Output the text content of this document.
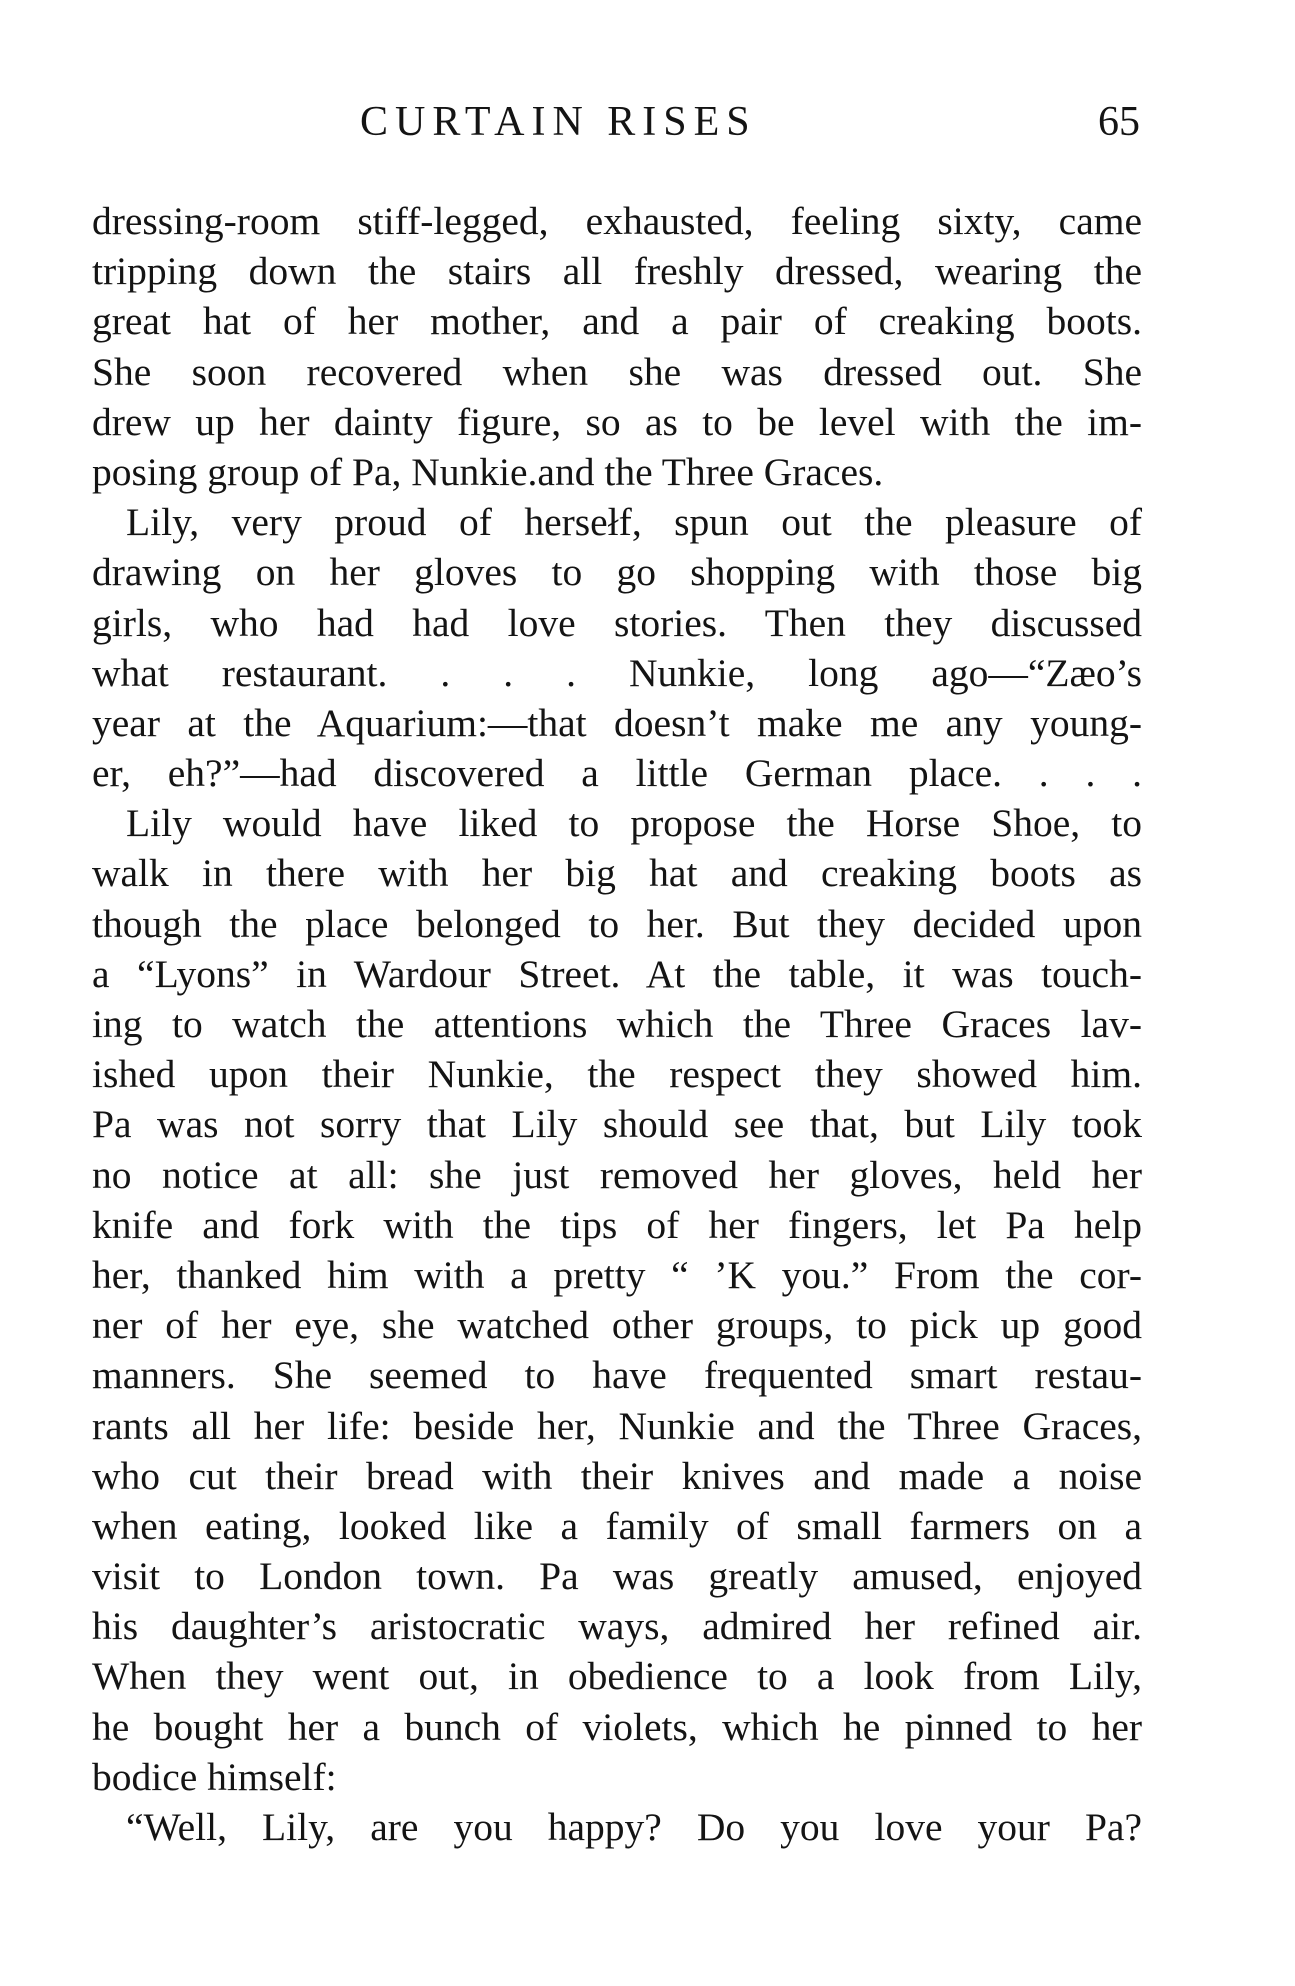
CURTAIN RISES	65
dressing-room stiff-legged, exhausted, feeling sixty, came
tripping down the stairs all freshly dressed, wearing the
great hat of her mother, and a pair of creaking boots.
She soon recovered when she was dressed out. She
drew up her dainty figure, so as to be level with the im-
posing group of Pa, Nunkie.and the Three Graces.
Lily, very proud of hersełf, spun out the pleasure of
drawing on her gloves to go shopping with those big
girls, who had had love stories. Then they discussed
what restaurant. . . . Nunkie, long ago—“Zæo’s
year at the Aquarium:—that doesn’t make me any young-
er, eh?”—had discovered a little German place. . . .
Lily would have liked to propose the Horse Shoe, to
walk in there with her big hat and creaking boots as
though the place belonged to her. But they decided upon
a “Lyons” in Wardour Street. At the table, it was touch-
ing to watch the attentions which the Three Graces lav-
ished upon their Nunkie, the respect they showed him.
Pa was not sorry that Lily should see that, but Lily took
no notice at all: she just removed her gloves, held her
knife and fork with the tips of her fingers, let Pa help
her, thanked him with a pretty “ ’K you.” From the cor-
ner of her eye, she watched other groups, to pick up good
manners. She seemed to have frequented smart restau-
rants all her life: beside her, Nunkie and the Three Graces,
who cut their bread with their knives and made a noise
when eating, looked like a family of small farmers on a
visit to London town. Pa was greatly amused, enjoyed
his daughter’s aristocratic ways, admired her refined air.
When they went out, in obedience to a look from Lily,
he bought her a bunch of violets, which he pinned to her
bodice himself:
“Well, Lily, are you happy? Do you love your Pa?
